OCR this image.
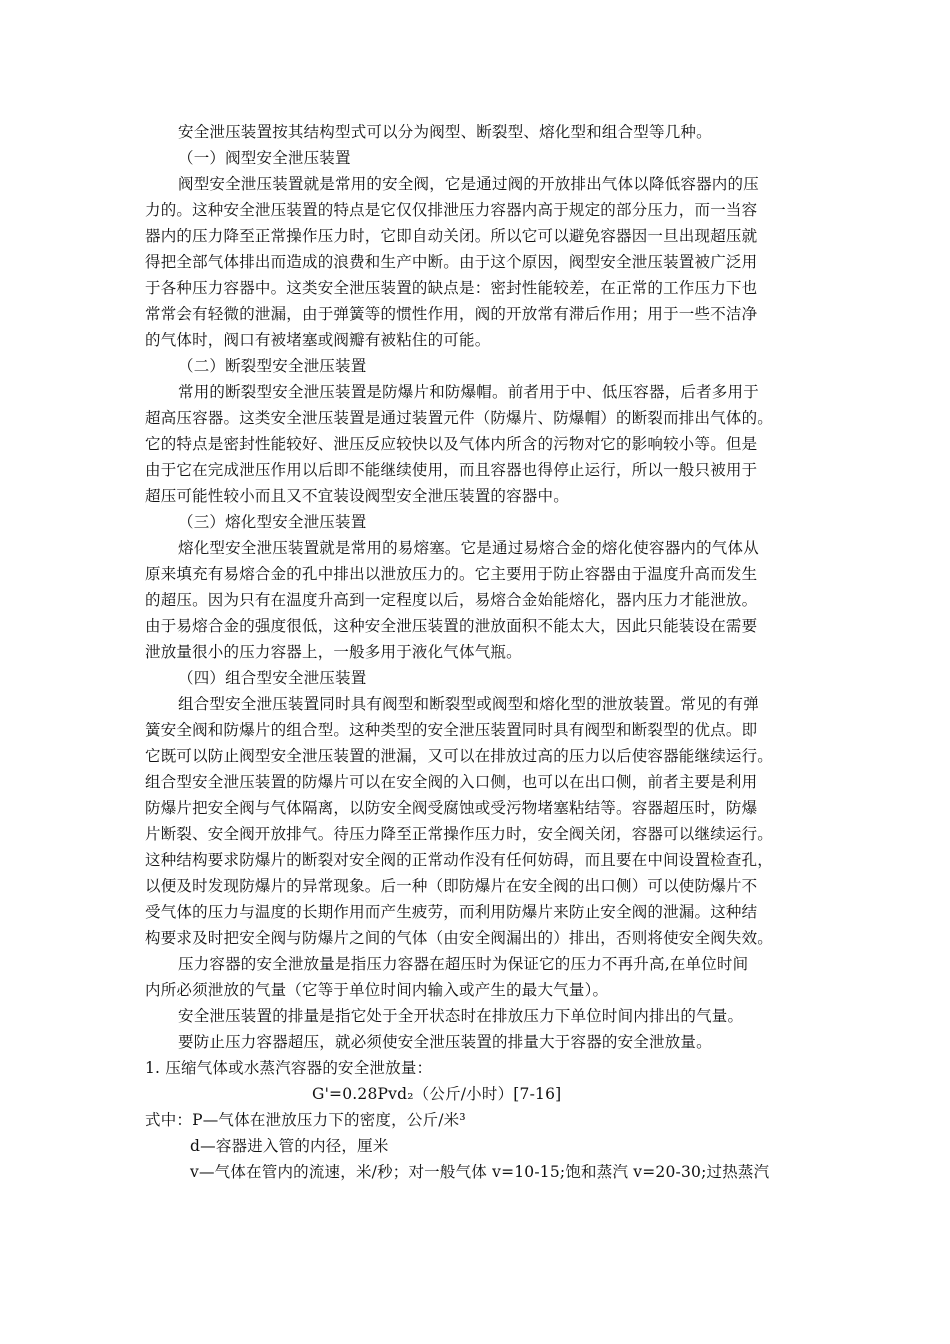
安全泄压装置按其结构型式可以分为阀型、断裂型、熔化型和组合型等几种。
（一）阀型安全泄压装置
阀型安全泄压装置就是常用的安全阀，它是通过阀的开放排出气体以降低容器内的压
力的。这种安全泄压装置的特点是它仅仅排泄压力容器内高于规定的部分压力，而一当容
器内的压力降至正常操作压力时，它即自动关闭。所以它可以避免容器因一旦出现超压就
得把全部气体排出而造成的浪费和生产中断。由于这个原因，阀型安全泄压装置被广泛用
于各种压力容器中。这类安全泄压装置的缺点是：密封性能较差，在正常的工作压力下也
常常会有轻微的泄漏，由于弹簧等的惯性作用，阀的开放常有滞后作用；用于一些不洁净
的气体时，阀口有被堵塞或阀瓣有被粘住的可能。
（二）断裂型安全泄压装置
常用的断裂型安全泄压装置是防爆片和防爆帽。前者用于中、低压容器，后者多用于
超高压容器。这类安全泄压装置是通过装置元件（防爆片、防爆帽）的断裂而排出气体的。
它的特点是密封性能较好、泄压反应较快以及气体内所含的污物对它的影响较小等。但是
由于它在完成泄压作用以后即不能继续使用，而且容器也得停止运行，所以一般只被用于
超压可能性较小而且又不宜装设阀型安全泄压装置的容器中。
（三）熔化型安全泄压装置
熔化型安全泄压装置就是常用的易熔塞。它是通过易熔合金的熔化使容器内的气体从
原来填充有易熔合金的孔中排出以泄放压力的。它主要用于防止容器由于温度升高而发生
的超压。因为只有在温度升高到一定程度以后，易熔合金始能熔化，器内压力才能泄放。
由于易熔合金的强度很低，这种安全泄压装置的泄放面积不能太大，因此只能装设在需要
泄放量很小的压力容器上，一般多用于液化气体气瓶。
（四）组合型安全泄压装置
组合型安全泄压装置同时具有阀型和断裂型或阀型和熔化型的泄放装置。常见的有弹
簧安全阀和防爆片的组合型。这种类型的安全泄压装置同时具有阀型和断裂型的优点。即
它既可以防止阀型安全泄压装置的泄漏，又可以在排放过高的压力以后使容器能继续运行。
组合型安全泄压装置的防爆片可以在安全阀的入口侧，也可以在出口侧，前者主要是利用
防爆片把安全阀与气体隔离，以防安全阀受腐蚀或受污物堵塞粘结等。容器超压时，防爆
片断裂、安全阀开放排气。待压力降至正常操作压力时，安全阀关闭，容器可以继续运行。
这种结构要求防爆片的断裂对安全阀的正常动作没有任何妨碍，而且要在中间设置检查孔，
以便及时发现防爆片的异常现象。后一种（即防爆片在安全阀的出口侧）可以使防爆片不
受气体的压力与温度的长期作用而产生疲劳，而利用防爆片来防止安全阀的泄漏。这种结
构要求及时把安全阀与防爆片之间的气体（由安全阀漏出的）排出，否则将使安全阀失效。
压力容器的安全泄放量是指压力容器在超压时为保证它的压力不再升高,在单位时间
内所必须泄放的气量（它等于单位时间内输入或产生的最大气量）。
安全泄压装置的排量是指它处于全开状态时在排放压力下单位时间内排出的气量。
要防止压力容器超压，就必须使安全泄压装置的排量大于容器的安全泄放量。
1. 压缩气体或水蒸汽容器的安全泄放量：
G'=0.28Pvd₂（公斤/小时）[7-16]
式中：P—气体在泄放压力下的密度，公斤/米³
d—容器进入管的内径，厘米
v—气体在管内的流速，米/秒；对一般气体 v=10-15;饱和蒸汽 v=20-30;过热蒸汽
